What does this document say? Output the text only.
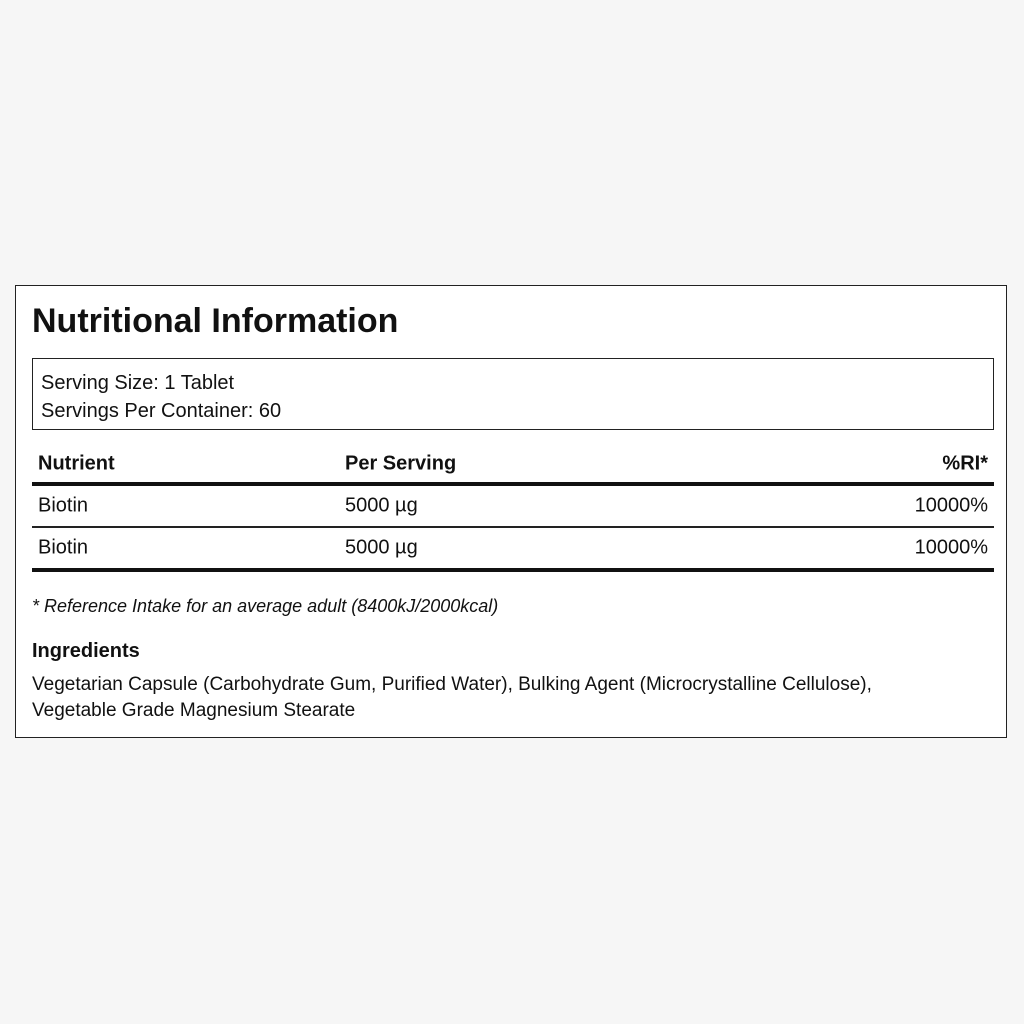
Nutritional Information
Serving Size: 1 Tablet
Servings Per Container: 60
Nutrient	Per Serving	%RI*
Biotin	5000 µg	10000%
Biotin	5000 µg	10000%
* Reference Intake for an average adult (8400kJ/2000kcal)
Ingredients
Vegetarian Capsule (Carbohydrate Gum, Purified Water), Bulking Agent (Microcrystalline Cellulose),
Vegetable Grade Magnesium Stearate
